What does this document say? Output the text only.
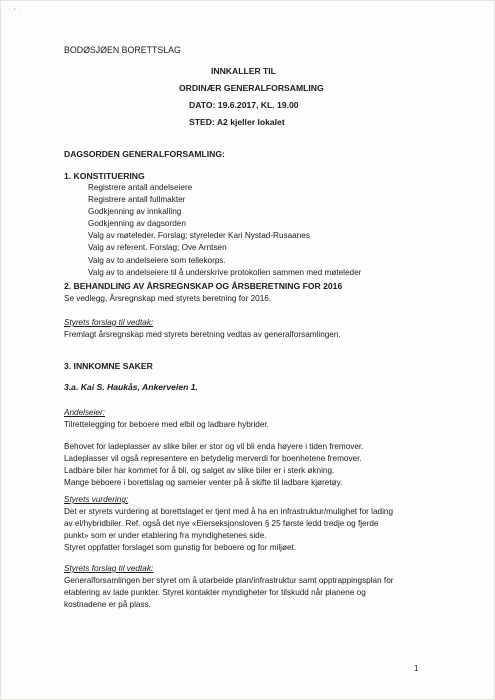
· ‹ ·
BODØSJØEN BORETTSLAG
INNKALLER TIL
ORDINÆR GENERALFORSAMLING
DATO: 19.6.2017, KL. 19.00
STED: A2 kjeller lokalet
DAGSORDEN GENERALFORSAMLING:
1. KONSTITUERING
Registrere antall andelseiere
Registrere antall fullmakter
Godkjenning av innkalling
Godkjenning av dagsorden
Valg av møteleder. Forslag; styreleder Kari Nystad-Rusaanes
Valg av referent. Forslag; Ove Arntsen
Valg av to andelseiere som tellekorps.
Valg av to andelseiere til å underskrive protokollen sammen med møteleder
2. BEHANDLING AV ÅRSREGNSKAP OG ÅRSBERETNING FOR 2016
Se vedlegg, Årsregnskap med styrets beretning for 2016.
Styrets forslag til vedtak:
Fremlagt årsregnskap med styrets beretning vedtas av generalforsamlingen.
3. INNKOMNE SAKER
3.a. Kai S. Haukås, Ankerveien 1.
Andelseier:
Tilrettelegging for beboere med elbil og ladbare hybrider.
Behovet for ladeplasser av slike biler er stor og vil bli enda høyere i tiden fremover.
Ladeplasser vil også representere en betydelig merverdi for boenhetene fremover.
Ladbare biler har kommet for å bli, og salget av slike biler er i sterk økning.
Mange beboere i borettslag og sameier venter på å skifte til ladbare kjøretøy.
Styrets vurdering:
Det er styrets vurdering at borettslaget er tjent med å ha en infrastruktur/mulighet for lading
av el/hybridbiler. Ref. også det nye «Eierseksjonsloven § 25 første ledd tredje og fjerde
punkt» som er under etablering fra myndighetenes side.
Styret oppfatter forslaget som gunstig for beboere og for miljøet.
Styrets forslag til vedtak:
Generalforsamlingen ber styret om å utarbeide plan/infrastruktur samt opptrappingsplan for
etablering av lade punkter. Styret kontakter myndigheter for tilskudd når planene og
kostnadene er på plass.
1
